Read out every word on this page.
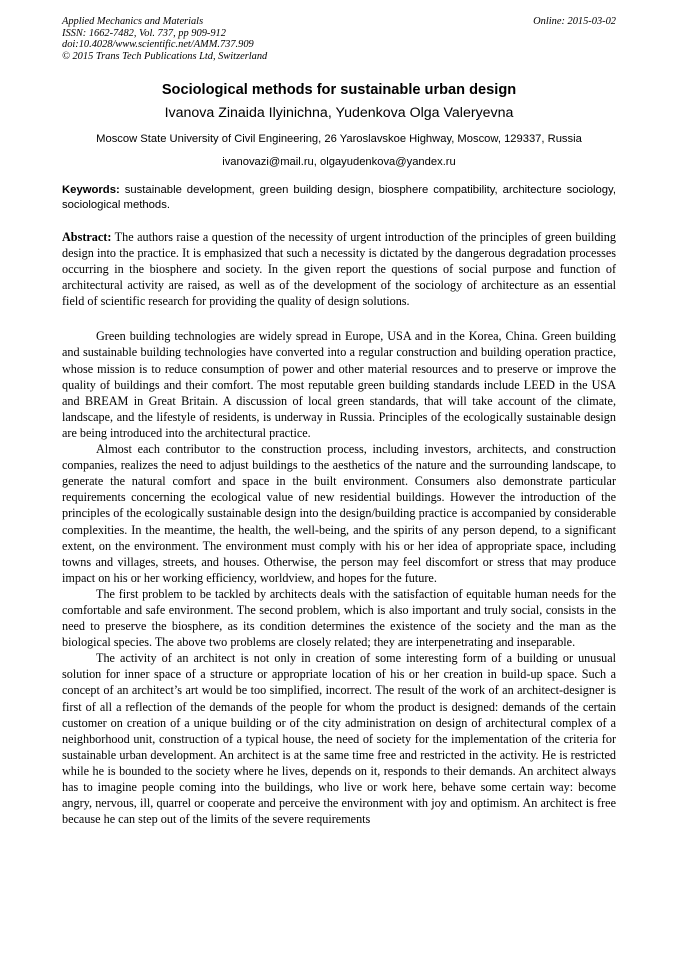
Applied Mechanics and Materials
ISSN: 1662-7482, Vol. 737, pp 909-912
doi:10.4028/www.scientific.net/AMM.737.909
© 2015 Trans Tech Publications Ltd, Switzerland
Online: 2015-03-02
Sociological methods for sustainable urban design
Ivanova Zinaida Ilyinichna, Yudenkova Olga Valeryevna
Moscow State University of Civil Engineering, 26 Yaroslavskoe Highway, Moscow, 129337, Russia
ivanovazi@mail.ru, olgayudenkova@yandex.ru
Keywords: sustainable development, green building design, biosphere compatibility, architecture sociology, sociological methods.
Abstract: The authors raise a question of the necessity of urgent introduction of the principles of green building design into the practice. It is emphasized that such a necessity is dictated by the dangerous degradation processes occurring in the biosphere and society. In the given report the questions of social purpose and function of architectural activity are raised, as well as of the development of the sociology of architecture as an essential field of scientific research for providing the quality of design solutions.

Green building technologies are widely spread in Europe, USA and in the Korea, China. Green building and sustainable building technologies have converted into a regular construction and building operation practice, whose mission is to reduce consumption of power and other material resources and to preserve or improve the quality of buildings and their comfort. The most reputable green building standards include LEED in the USA and BREAM in Great Britain. A discussion of local green standards, that will take account of the climate, landscape, and the lifestyle of residents, is underway in Russia. Principles of the ecologically sustainable design are being introduced into the architectural practice.

Almost each contributor to the construction process, including investors, architects, and construction companies, realizes the need to adjust buildings to the aesthetics of the nature and the surrounding landscape, to generate the natural comfort and space in the built environment. Consumers also demonstrate particular requirements concerning the ecological value of new residential buildings. However the introduction of the principles of the ecologically sustainable design into the design/building practice is accompanied by considerable complexities. In the meantime, the health, the well-being, and the spirits of any person depend, to a significant extent, on the environment. The environment must comply with his or her idea of appropriate space, including towns and villages, streets, and houses. Otherwise, the person may feel discomfort or stress that may produce impact on his or her working efficiency, worldview, and hopes for the future.

The first problem to be tackled by architects deals with the satisfaction of equitable human needs for the comfortable and safe environment. The second problem, which is also important and truly social, consists in the need to preserve the biosphere, as its condition determines the existence of the society and the man as the biological species. The above two problems are closely related; they are interpenetrating and inseparable.

The activity of an architect is not only in creation of some interesting form of a building or unusual solution for inner space of a structure or appropriate location of his or her creation in build-up space. Such a concept of an architect’s art would be too simplified, incorrect. The result of the work of an architect-designer is first of all a reflection of the demands of the people for whom the product is designed: demands of the certain customer on creation of a unique building or of the city administration on design of architectural complex of a neighborhood unit, construction of a typical house, the need of society for the implementation of the criteria for sustainable urban development. An architect is at the same time free and restricted in the activity. He is restricted while he is bounded to the society where he lives, depends on it, responds to their demands. An architect always has to imagine people coming into the buildings, who live or work here, behave some certain way: become angry, nervous, ill, quarrel or cooperate and perceive the environment with joy and optimism. An architect is free because he can step out of the limits of the severe requirements
